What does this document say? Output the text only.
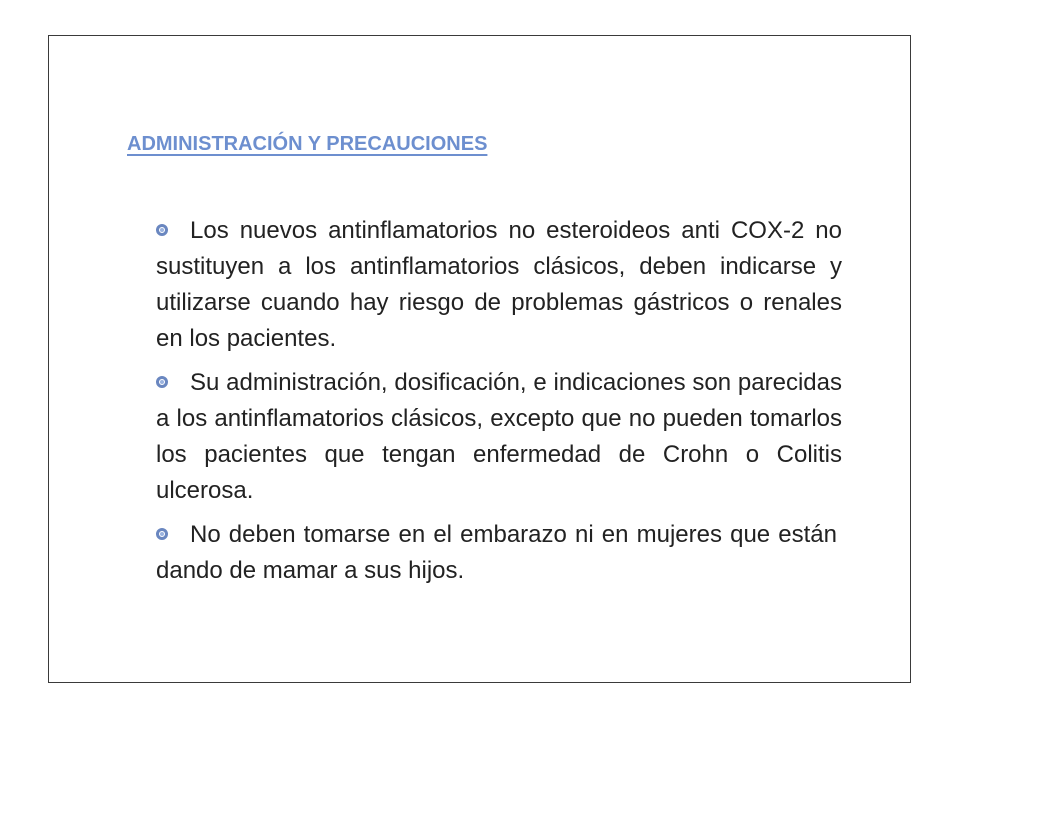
ADMINISTRACIÓN Y PRECAUCIONES
Los nuevos antinflamatorios no esteroideos anti COX-2 no sustituyen a los antinflamatorios clásicos, deben indicarse y utilizarse cuando hay riesgo de problemas gástricos o renales en los pacientes.
Su administración, dosificación, e indicaciones son parecidas a los antinflamatorios clásicos, excepto que no pueden tomarlos los pacientes que tengan enfermedad de Crohn o Colitis ulcerosa.
No deben tomarse en el embarazo ni en mujeres que están dando de mamar a sus hijos.
